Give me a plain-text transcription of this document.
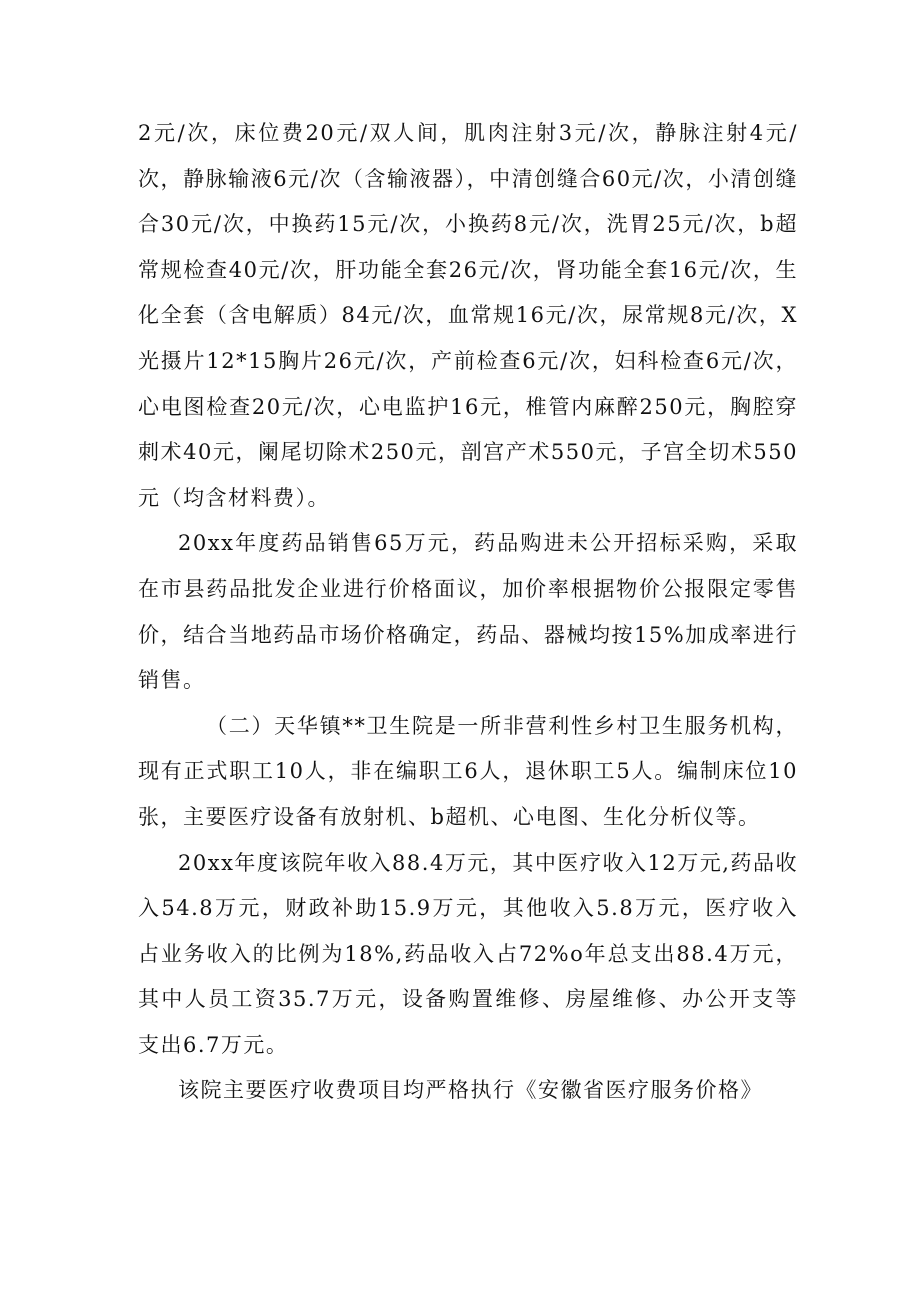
2元/次，床位费20元/双人间，肌肉注射3元/次，静脉注射4元/次，静脉输液6元/次（含输液器），中清创缝合60元/次，小清创缝合30元/次，中换药15元/次，小换药8元/次，洗胃25元/次，b超常规检查40元/次，肝功能全套26元/次，肾功能全套16元/次，生化全套（含电解质）84元/次，血常规16元/次，尿常规8元/次，X光摄片12*15胸片26元/次，产前检查6元/次，妇科检查6元/次，心电图检查20元/次，心电监护16元，椎管内麻醉250元，胸腔穿刺术40元，阑尾切除术250元，剖宫产术550元，子宫全切术550元（均含材料费）。

20xx年度药品销售65万元，药品购进未公开招标采购，采取在市县药品批发企业进行价格面议，加价率根据物价公报限定零售价，结合当地药品市场价格确定，药品、器械均按15%加成率进行销售。

（二）天华镇**卫生院是一所非营利性乡村卫生服务机构，现有正式职工10人，非在编职工6人，退休职工5人。编制床位10张，主要医疗设备有放射机、b超机、心电图、生化分析仪等。

20xx年度该院年收入88.4万元，其中医疗收入12万元,药品收入54.8万元，财政补助15.9万元，其他收入5.8万元，医疗收入占业务收入的比例为18%,药品收入占72%o年总支出88.4万元，其中人员工资35.7万元，设备购置维修、房屋维修、办公开支等支出6.7万元。

该院主要医疗收费项目均严格执行《安徽省医疗服务价格》
